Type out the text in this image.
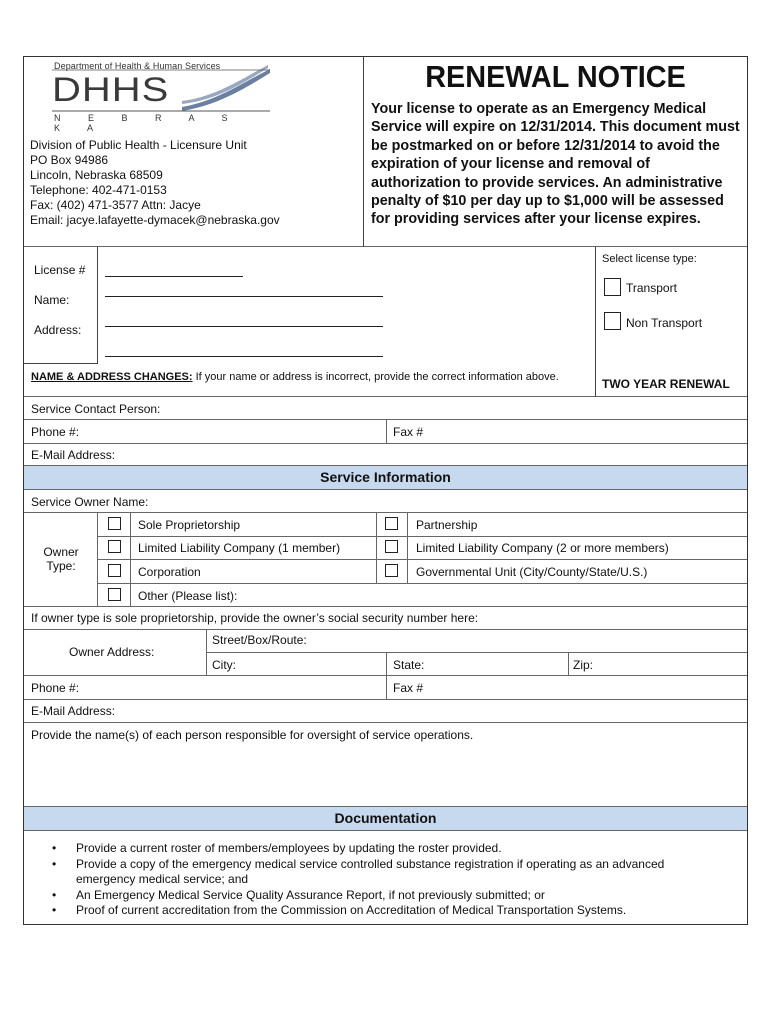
Department of Health & Human Services
DHHS
N E B R A S K A
Division of Public Health - Licensure Unit
PO Box 94986
Lincoln, Nebraska 68509
Telephone: 402-471-0153
Fax: (402) 471-3577 Attn: Jacye
Email: jacye.lafayette-dymacek@nebraska.gov
RENEWAL NOTICE
Your license to operate as an Emergency Medical Service will expire on 12/31/2014. This document must be postmarked on or before 12/31/2014 to avoid the expiration of your license and removal of authorization to provide services. An administrative penalty of $10 per day up to $1,000 will be assessed for providing services after your license expires.
License #
Name:
Address:
NAME & ADDRESS CHANGES: If your name or address is incorrect, provide the correct information above.
Select license type:
Transport
Non Transport
TWO YEAR RENEWAL
Service Contact Person:
Phone #:	Fax #
E-Mail Address:
Service Information
Service Owner Name:
Owner
Type:
Sole Proprietorship	Partnership
Limited Liability Company (1 member)	Limited Liability Company (2 or more members)
Corporation	Governmental Unit (City/County/State/U.S.)
Other (Please list):
If owner type is sole proprietorship, provide the owner’s social security number here:
Owner Address:
Street/Box/Route:
City:	State:	Zip:
Phone #:	Fax #
E-Mail Address:
Provide the name(s) of each person responsible for oversight of service operations.
Documentation
• Provide a current roster of members/employees by updating the roster provided.
• Provide a copy of the emergency medical service controlled substance registration if operating as an advanced
emergency medical service; and
• An Emergency Medical Service Quality Assurance Report, if not previously submitted; or
• Proof of current accreditation from the Commission on Accreditation of Medical Transportation Systems.
